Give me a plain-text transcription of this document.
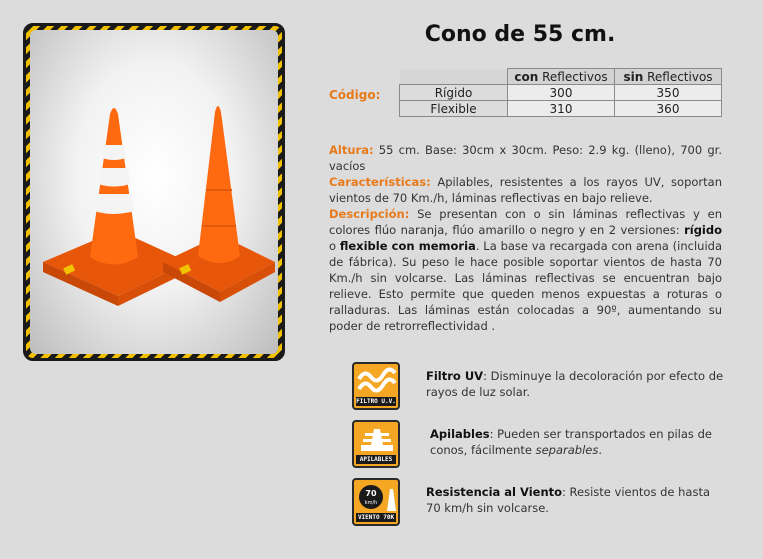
Cono de 55 cm.
Código:
	con Reflectivos	sin Reflectivos
Rígido	300	350
Flexible	310	360
Altura: 55 cm. Base: 30cm x 30cm. Peso: 2.9 kg. (lleno), 700 gr. vacíos
Características: Apilables, resistentes a los rayos UV, soportan vientos de 70 Km./h, láminas reflectivas en bajo relieve.
Descripción: Se presentan con o sin láminas reflectivas y en colores flúo naranja, flúo amarillo o negro y en 2 versiones: rígido o flexible con memoria. La base va recargada con arena (incluida de fábrica). Su peso le hace posible soportar vientos de hasta 70 Km./h sin volcarse. Las láminas reflectivas se encuentran bajo relieve. Esto permite que queden menos expuestas a roturas o ralladuras. Las láminas están colocadas a 90º, aumentando su poder de retrorreflectividad .
FILTRO U.V.
Filtro UV: Disminuye la decoloración por efecto de rayos de luz solar.
APILABLES
Apilables: Pueden ser transportados en pilas de conos, fácilmente separables.
70
km/h
VIENTO 70K
Resistencia al Viento: Resiste vientos de hasta 70 km/h sin volcarse.
